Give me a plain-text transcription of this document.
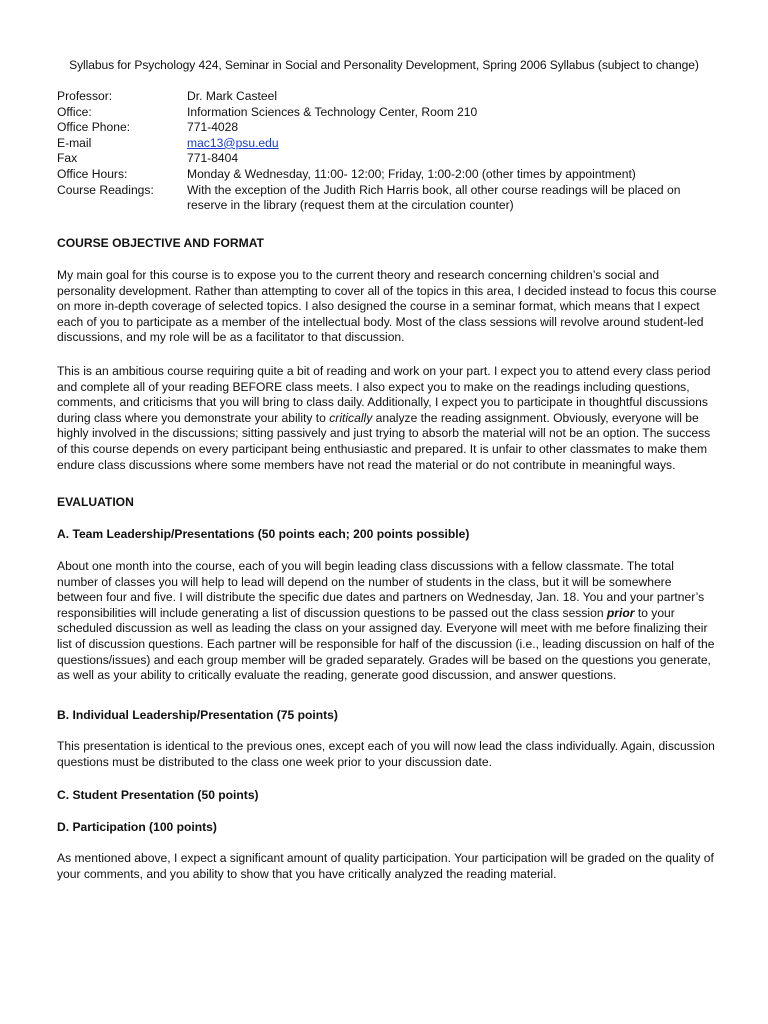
Syllabus for Psychology 424, Seminar in Social and Personality Development, Spring 2006 Syllabus (subject to change)
Professor:	Dr. Mark Casteel
Office:	Information Sciences & Technology Center, Room 210
Office Phone:	771-4028
E-mail	mac13@psu.edu
Fax	771-8404
Office Hours:	Monday & Wednesday, 11:00- 12:00; Friday, 1:00-2:00 (other times by appointment)
Course Readings:	With the exception of the Judith Rich Harris book, all other course readings will be placed on reserve in the library (request them at the circulation counter)
COURSE OBJECTIVE AND FORMAT

My main goal for this course is to expose you to the current theory and research concerning children’s social and personality development. Rather than attempting to cover all of the topics in this area, I decided instead to focus this course on more in-depth coverage of selected topics. I also designed the course in a seminar format, which means that I expect each of you to participate as a member of the intellectual body. Most of the class sessions will revolve around student-led discussions, and my role will be as a facilitator to that discussion.

This is an ambitious course requiring quite a bit of reading and work on your part. I expect you to attend every class period and complete all of your reading BEFORE class meets. I also expect you to make on the readings including questions, comments, and criticisms that you will bring to class daily. Additionally, I expect you to participate in thoughtful discussions during class where you demonstrate your ability to critically analyze the reading assignment. Obviously, everyone will be highly involved in the discussions; sitting passively and just trying to absorb the material will not be an option. The success of this course depends on every participant being enthusiastic and prepared. It is unfair to other classmates to make them endure class discussions where some members have not read the material or do not contribute in meaningful ways.

EVALUATION
A. Team Leadership/Presentations (50 points each; 200 points possible)

About one month into the course, each of you will begin leading class discussions with a fellow classmate. The total number of classes you will help to lead will depend on the number of students in the class, but it will be somewhere between four and five. I will distribute the specific due dates and partners on Wednesday, Jan. 18. You and your partner’s responsibilities will include generating a list of discussion questions to be passed out the class session prior to your scheduled discussion as well as leading the class on your assigned day. Everyone will meet with me before finalizing their list of discussion questions. Each partner will be responsible for half of the discussion (i.e., leading discussion on half of the questions/issues) and each group member will be graded separately. Grades will be based on the questions you generate, as well as your ability to critically evaluate the reading, generate good discussion, and answer questions.

B. Individual Leadership/Presentation (75 points)

This presentation is identical to the previous ones, except each of you will now lead the class individually. Again, discussion questions must be distributed to the class one week prior to your discussion date.

C. Student Presentation (50 points)
D. Participation (100 points)

As mentioned above, I expect a significant amount of quality participation. Your participation will be graded on the quality of your comments, and you ability to show that you have critically analyzed the reading material.
